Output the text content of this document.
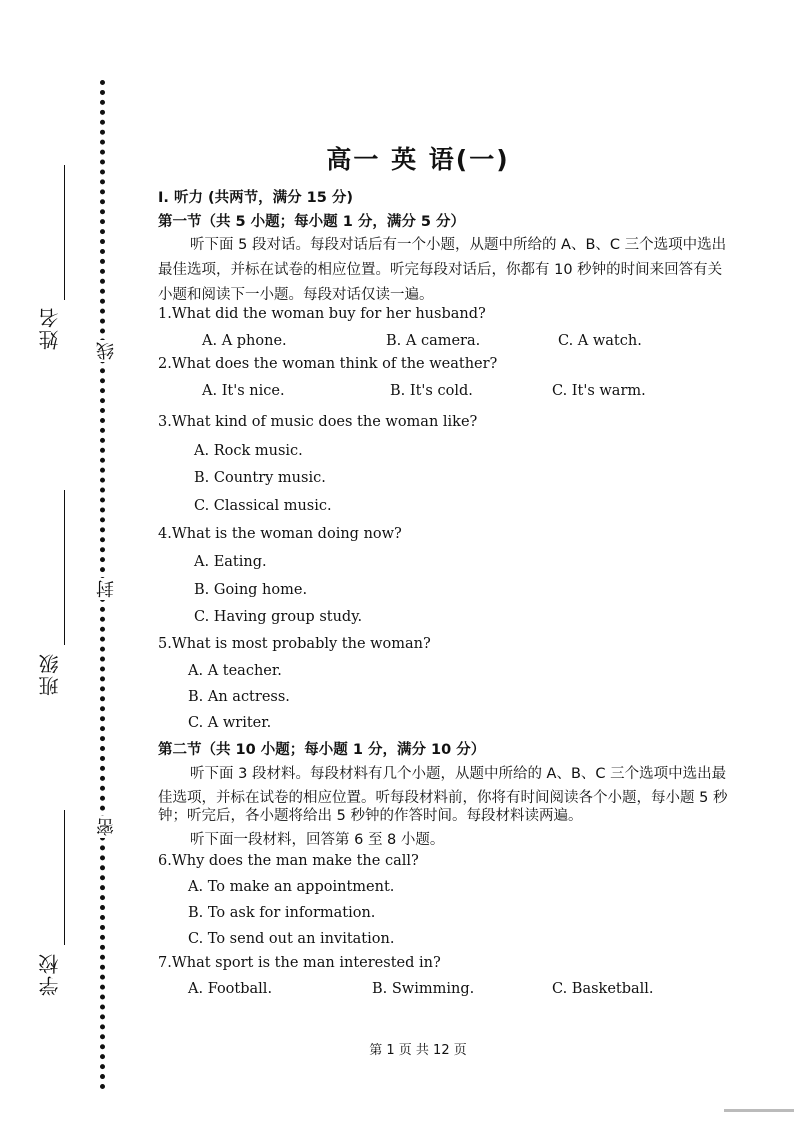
姓名
班级
学校
线
封
密
高一 英 语(一)
I. 听力 (共两节，满分 15 分)
第一节（共 5 小题；每小题 1 分，满分 5 分）
听下面 5 段对话。每段对话后有一个小题，从题中所给的 A、B、C 三个选项中选出
最佳选项，并标在试卷的相应位置。听完每段对话后，你都有 10 秒钟的时间来回答有关
小题和阅读下一小题。每段对话仅读一遍。
1.What did the woman buy for her husband?
A. A phone.	B. A camera.	C. A watch.
2.What does the woman think of the weather?
A. It's nice.	B. It's cold.	C. It's warm.
3.What kind of music does the woman like?
A. Rock music.
B. Country music.
C. Classical music.
4.What is the woman doing now?
A. Eating.
B. Going home.
C. Having group study.
5.What is most probably the woman?
A. A teacher.
B. An actress.
C. A writer.
第二节（共 10 小题；每小题 1 分，满分 10 分）
听下面 3 段材料。每段材料有几个小题，从题中所给的 A、B、C 三个选项中选出最
佳选项，并标在试卷的相应位置。听每段材料前，你将有时间阅读各个小题，每小题 5 秒
钟；听完后，各小题将给出 5 秒钟的作答时间。每段材料读两遍。
听下面一段材料，回答第 6 至 8 小题。
6.Why does the man make the call?
A. To make an appointment.
B. To ask for information.
C. To send out an invitation.
7.What sport is the man interested in?
A. Football.	B. Swimming.	C. Basketball.
第 1 页 共 12 页
